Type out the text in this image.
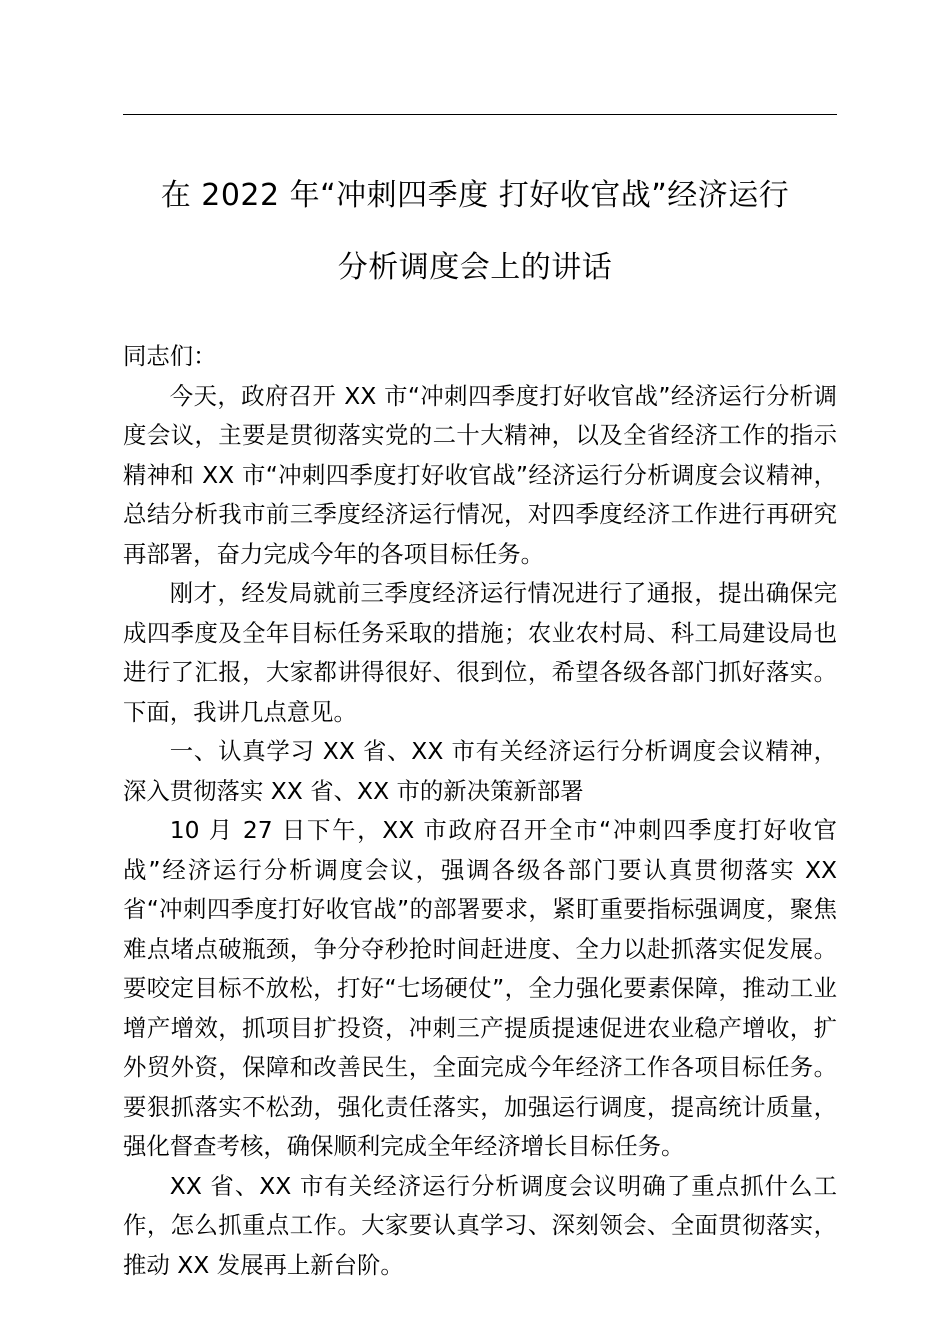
在 2022 年“冲刺四季度 打好收官战”经济运行
分析调度会上的讲话

同志们：

今天，政府召开 XX 市“冲刺四季度打好收官战”经济运行分析调度会议，主要是贯彻落实党的二十大精神，以及全省经济工作的指示精神和 XX 市“冲刺四季度打好收官战”经济运行分析调度会议精神，总结分析我市前三季度经济运行情况，对四季度经济工作进行再研究再部署，奋力完成今年的各项目标任务。

刚才，经发局就前三季度经济运行情况进行了通报，提出确保完成四季度及全年目标任务采取的措施；农业农村局、科工局建设局也进行了汇报，大家都讲得很好、很到位，希望各级各部门抓好落实。下面，我讲几点意见。

一、认真学习 XX 省、XX 市有关经济运行分析调度会议精神，深入贯彻落实 XX 省、XX 市的新决策新部署

10 月 27 日下午，XX 市政府召开全市“冲刺四季度打好收官战”经济运行分析调度会议，强调各级各部门要认真贯彻落实 XX 省“冲刺四季度打好收官战”的部署要求，紧盯重要指标强调度，聚焦难点堵点破瓶颈，争分夺秒抢时间赶进度、全力以赴抓落实促发展。要咬定目标不放松，打好“七场硬仗”，全力强化要素保障，推动工业增产增效，抓项目扩投资，冲刺三产提质提速促进农业稳产增收，扩外贸外资，保障和改善民生，全面完成今年经济工作各项目标任务。要狠抓落实不松劲，强化责任落实，加强运行调度，提高统计质量，强化督查考核，确保顺利完成全年经济增长目标任务。

XX 省、XX 市有关经济运行分析调度会议明确了重点抓什么工作，怎么抓重点工作。大家要认真学习、深刻领会、全面贯彻落实，推动 XX 发展再上新台阶。
